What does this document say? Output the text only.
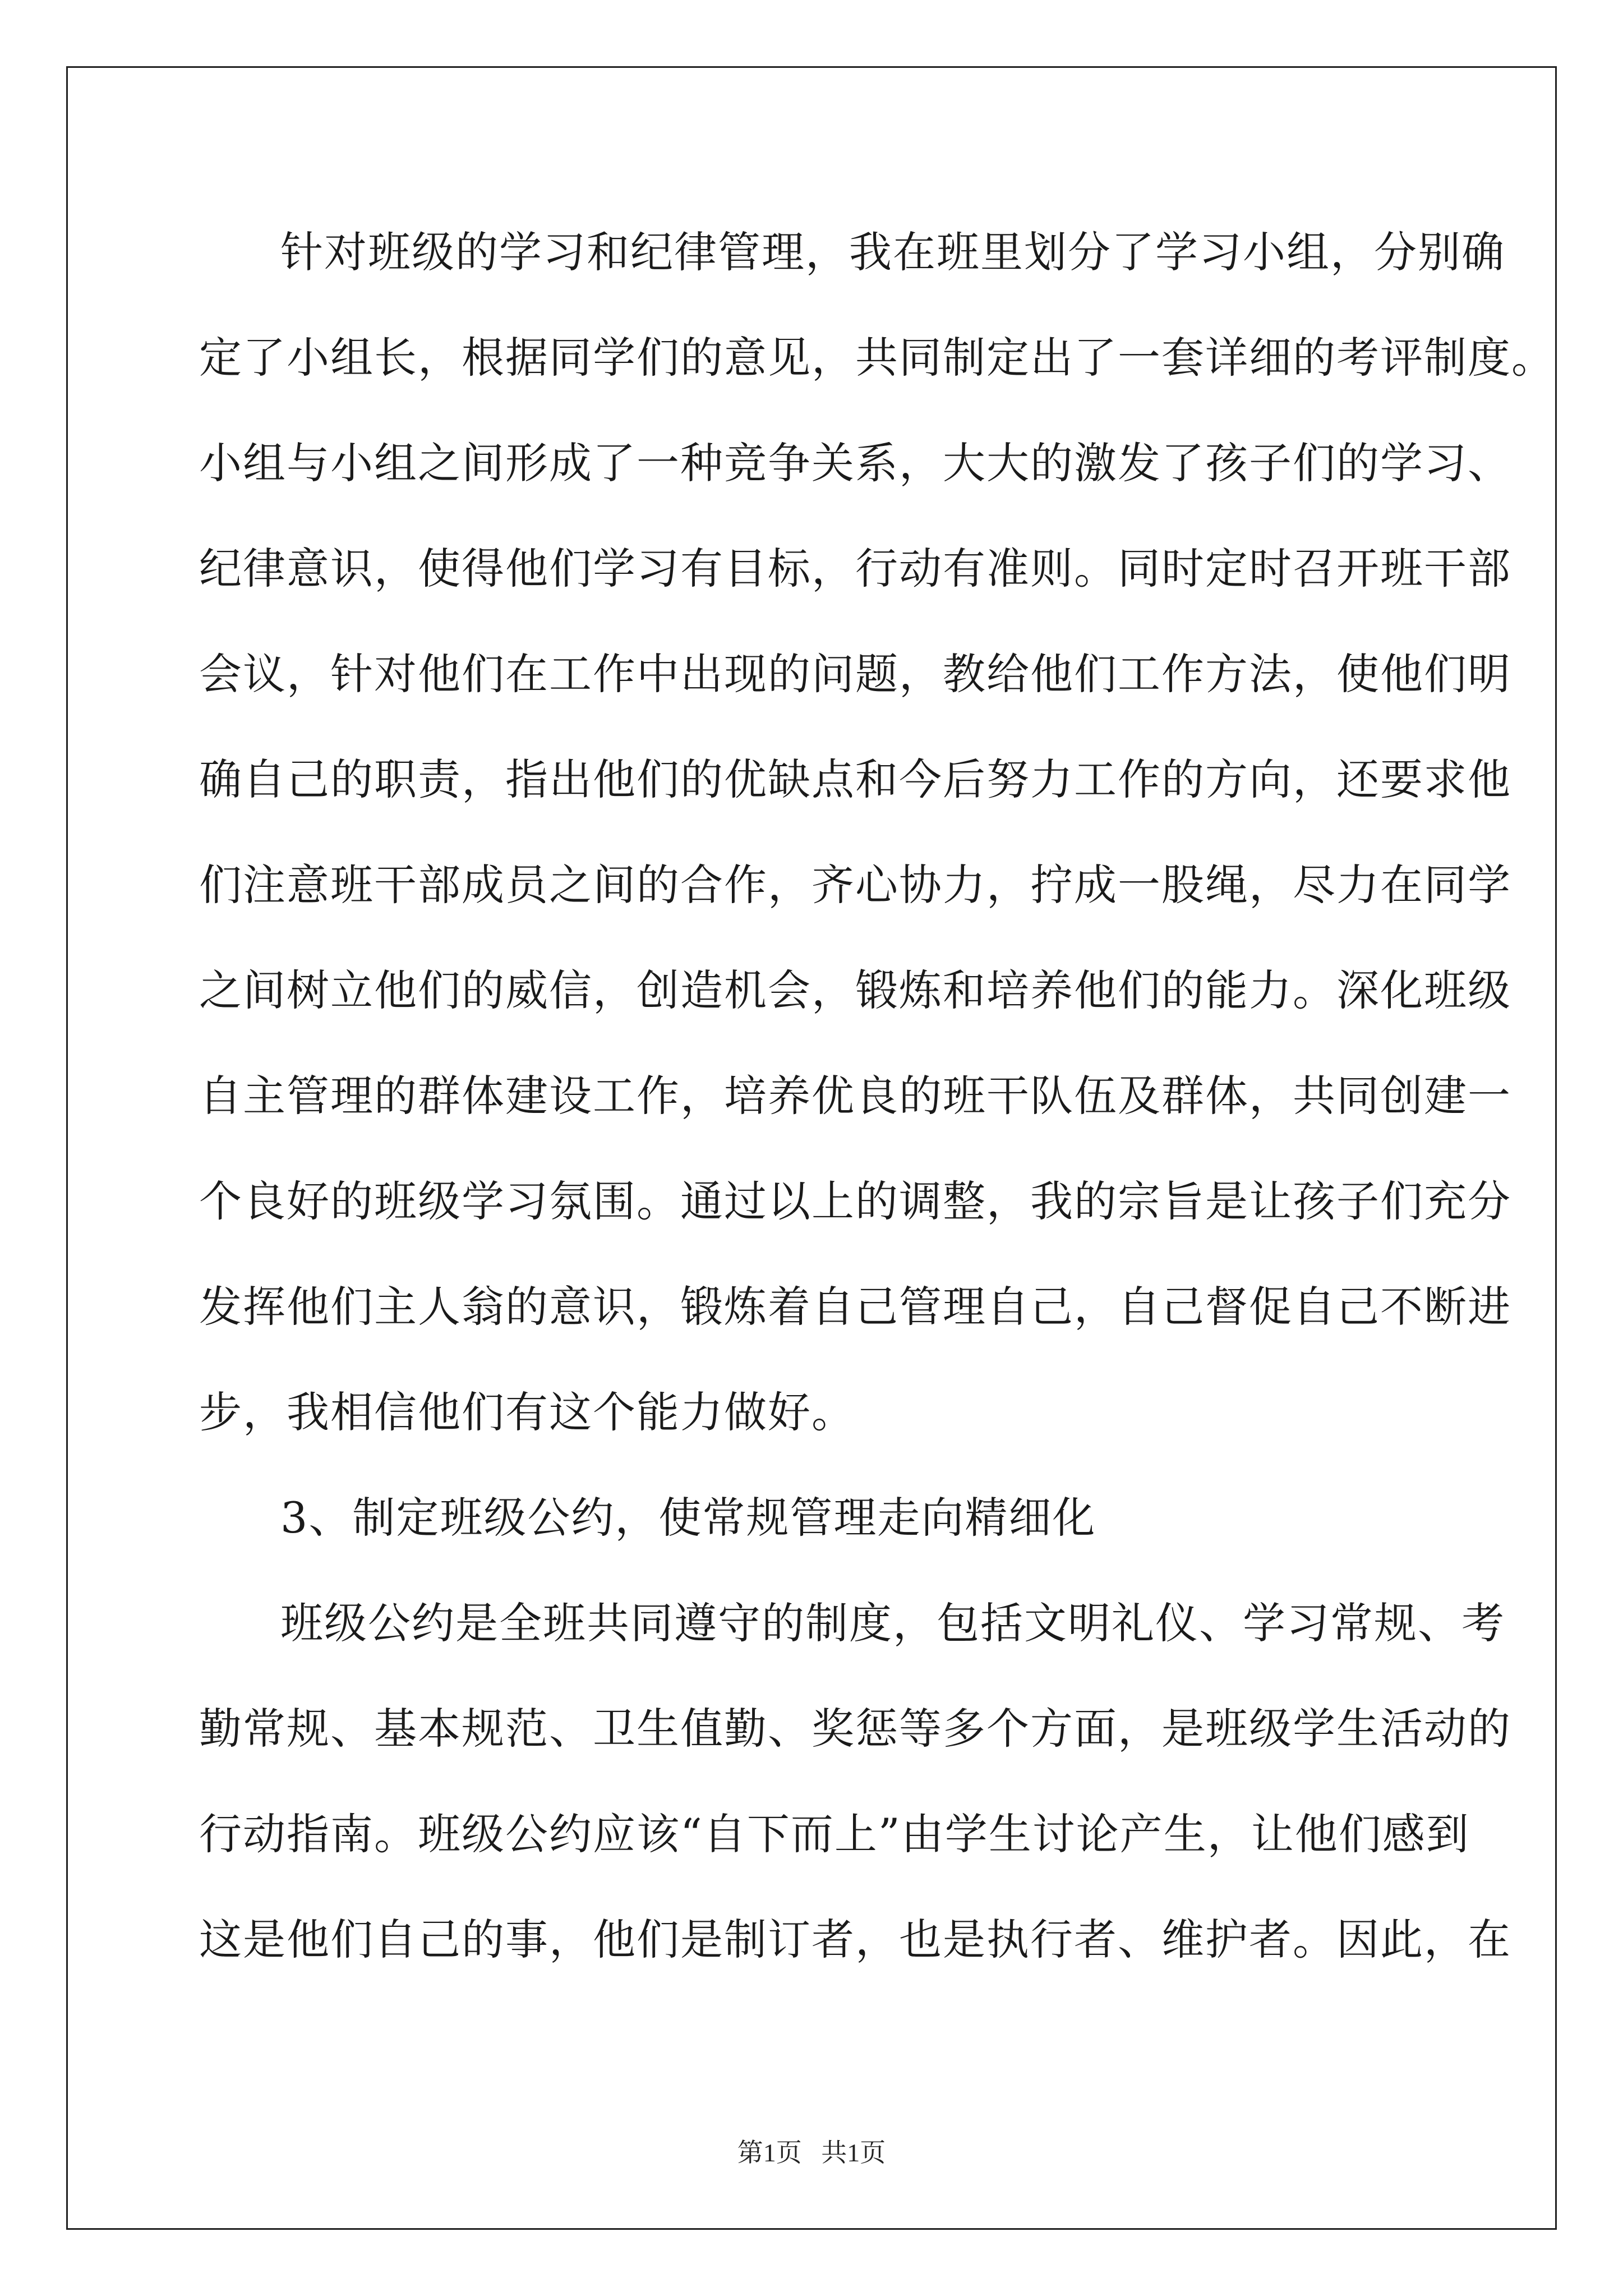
针对班级的学习和纪律管理，我在班里划分了学习小组，分别确
定了小组长，根据同学们的意见，共同制定出了一套详细的考评制度。
小组与小组之间形成了一种竞争关系，大大的激发了孩子们的学习、
纪律意识，使得他们学习有目标，行动有准则。同时定时召开班干部
会议，针对他们在工作中出现的问题，教给他们工作方法，使他们明
确自己的职责，指出他们的优缺点和今后努力工作的方向，还要求他
们注意班干部成员之间的合作，齐心协力，拧成一股绳，尽力在同学
之间树立他们的威信，创造机会，锻炼和培养他们的能力。深化班级
自主管理的群体建设工作，培养优良的班干队伍及群体，共同创建一
个良好的班级学习氛围。通过以上的调整，我的宗旨是让孩子们充分
发挥他们主人翁的意识，锻炼着自己管理自己，自己督促自己不断进
步，我相信他们有这个能力做好。
3、制定班级公约，使常规管理走向精细化
班级公约是全班共同遵守的制度，包括文明礼仪、学习常规、考
勤常规、基本规范、卫生值勤、奖惩等多个方面，是班级学生活动的
行动指南。班级公约应该“自下而上”由学生讨论产生，让他们感到
这是他们自己的事，他们是制订者，也是执行者、维护者。因此，在
第1页   共1页
